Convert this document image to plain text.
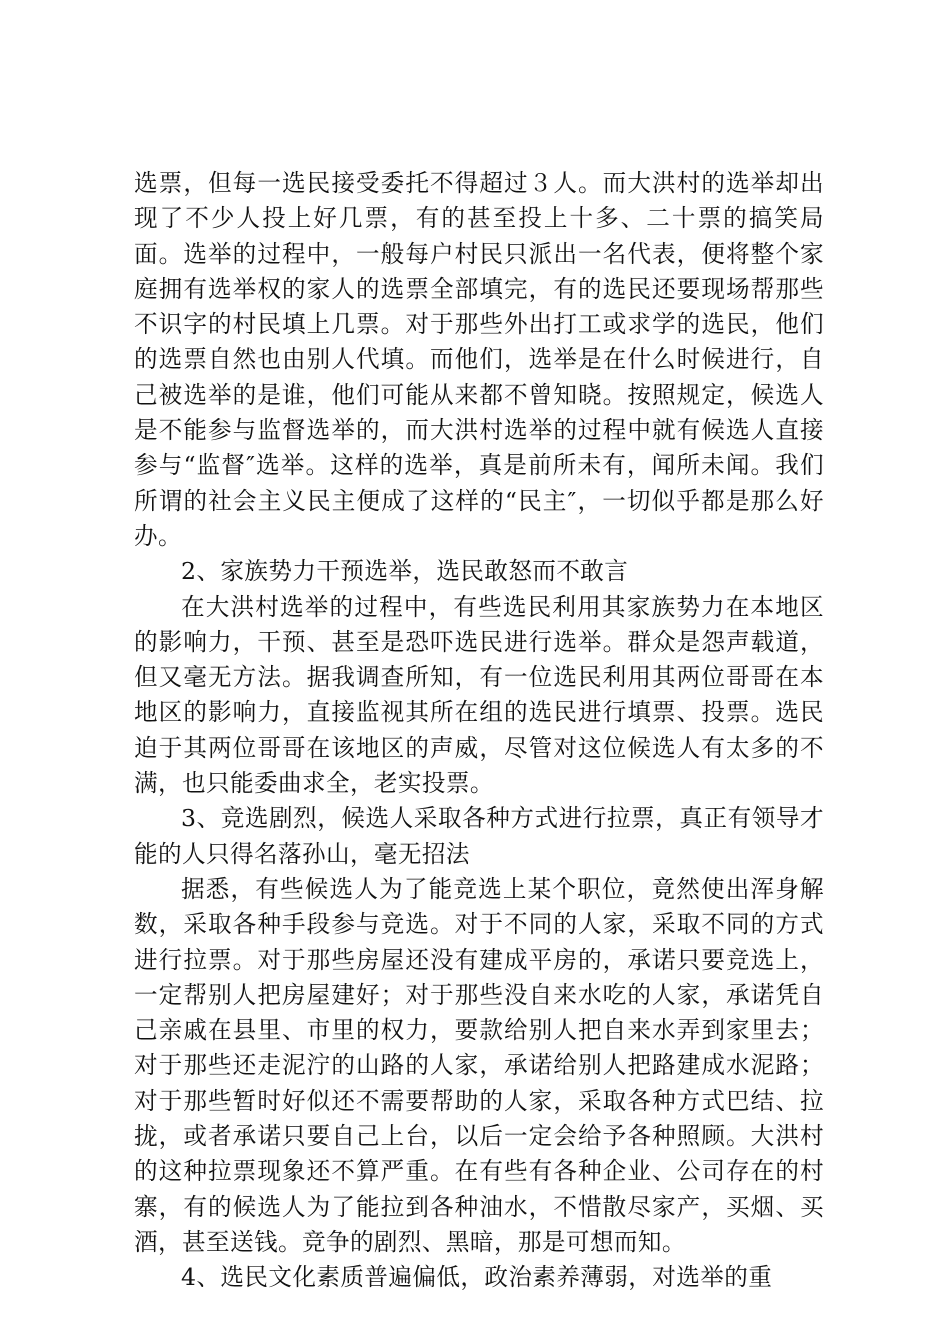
选票，但每一选民接受委托不得超过３人。而大洪村的选举却出现了不少人投上好几票，有的甚至投上十多、二十票的搞笑局面。选举的过程中，一般每户村民只派出一名代表，便将整个家庭拥有选举权的家人的选票全部填完，有的选民还要现场帮那些不识字的村民填上几票。对于那些外出打工或求学的选民，他们的选票自然也由别人代填。而他们，选举是在什么时候进行，自己被选举的是谁，他们可能从来都不曾知晓。按照规定，候选人是不能参与监督选举的，而大洪村选举的过程中就有候选人直接参与“监督″选举。这样的选举，真是前所未有，闻所未闻。我们所谓的社会主义民主便成了这样的“民主″，一切似乎都是那么好办。

2、家族势力干预选举，选民敢怒而不敢言

在大洪村选举的过程中，有些选民利用其家族势力在本地区的影响力，干预、甚至是恐吓选民进行选举。群众是怨声载道，但又毫无方法。据我调查所知，有一位选民利用其两位哥哥在本地区的影响力，直接监视其所在组的选民进行填票、投票。选民迫于其两位哥哥在该地区的声威，尽管对这位候选人有太多的不满，也只能委曲求全，老实投票。

3、竞选剧烈，候选人采取各种方式进行拉票，真正有领导才能的人只得名落孙山，毫无招法

据悉，有些候选人为了能竞选上某个职位，竟然使出浑身解数，采取各种手段参与竞选。对于不同的人家，采取不同的方式进行拉票。对于那些房屋还没有建成平房的，承诺只要竞选上，一定帮别人把房屋建好；对于那些没自来水吃的人家，承诺凭自己亲戚在县里、市里的权力，要款给别人把自来水弄到家里去；对于那些还走泥泞的山路的人家，承诺给别人把路建成水泥路；对于那些暂时好似还不需要帮助的人家，采取各种方式巴结、拉拢，或者承诺只要自己上台，以后一定会给予各种照顾。大洪村的这种拉票现象还不算严重。在有些有各种企业、公司存在的村寨，有的候选人为了能拉到各种油水，不惜散尽家产，买烟、买酒，甚至送钱。竞争的剧烈、黑暗，那是可想而知。

4、选民文化素质普遍偏低，政治素养薄弱，对选举的重
